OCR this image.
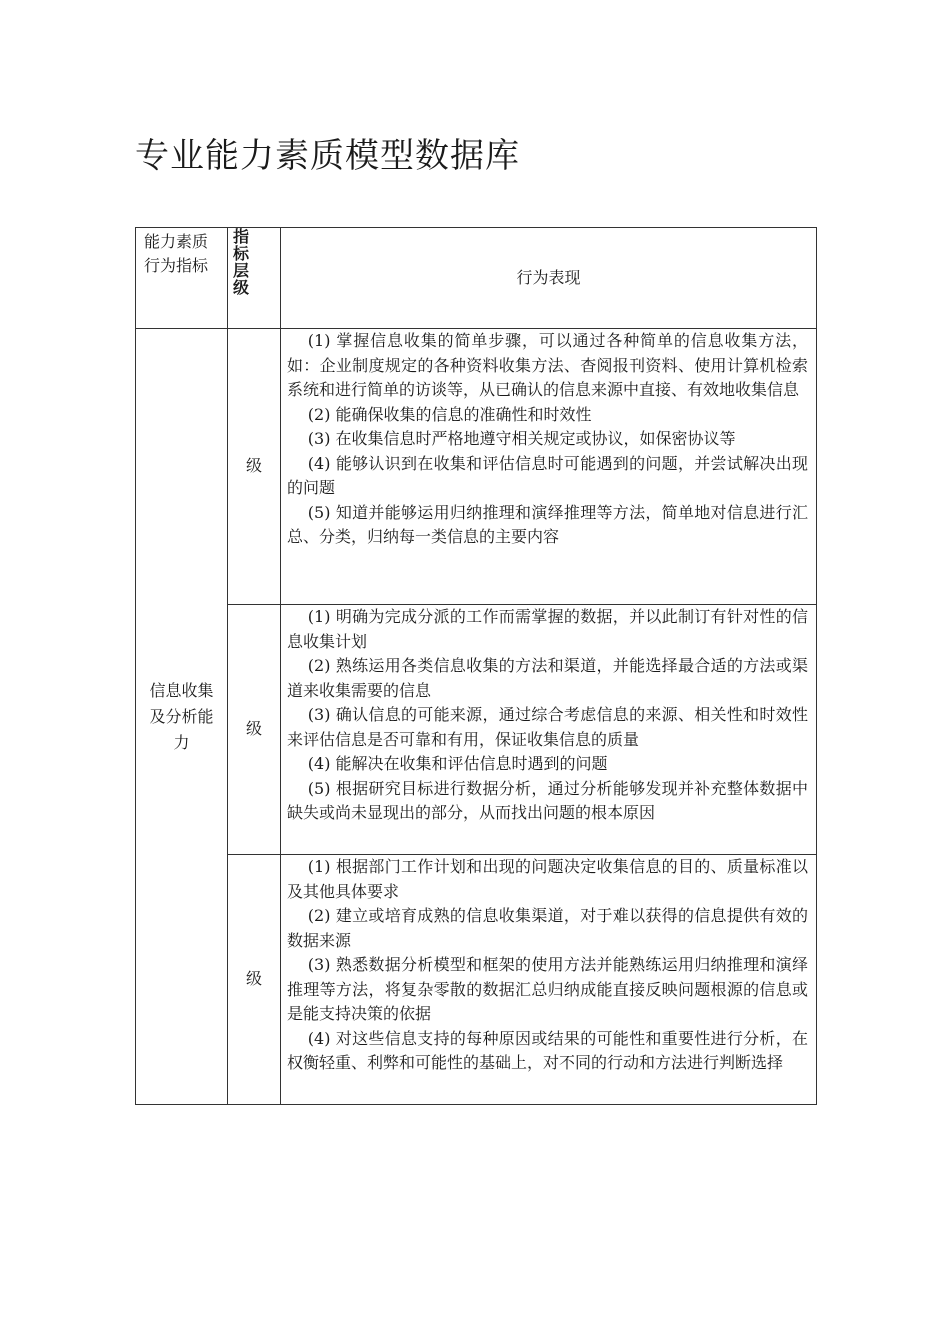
专业能力素质模型数据库
能力素质行为指标	指标层级	行为表现
信息收集及分析能力	级	(1) 掌握信息收集的简单步骤，可以通过各种简单的信息收集方法，如：企业制度规定的各种资料收集方法、杳阅报刊资料、使用计算机检索系统和进行简单的访谈等，从已确认的信息来源中直接、有效地收集信息
(2) 能确保收集的信息的准确性和时效性
(3) 在收集信息时严格地遵守相关规定或协议，如保密协议等
(4) 能够认识到在收集和评估信息时可能遇到的问题，并尝试解决出现的问题
(5) 知道并能够运用归纳推理和演绎推理等方法，简单地对信息进行汇总、分类，归纳每一类信息的主要内容

	级	(1) 明确为完成分派的工作而需掌握的数据，并以此制订有针对性的信息收集计划
(2) 熟练运用各类信息收集的方法和渠道，并能选择最合适的方法或渠道来收集需要的信息
(3) 确认信息的可能来源，通过综合考虑信息的来源、相关性和时效性来评估信息是否可靠和有用，保证收集信息的质量
(4) 能解决在收集和评估信息时遇到的问题
(5) 根据研究目标进行数据分析，通过分析能够发现并补充整体数据中缺失或尚未显现出的部分，从而找出问题的根本原因

	级	(1) 根据部门工作计划和出现的问题决定收集信息的目的、质量标准以及其他具体要求
(2) 建立或培育成熟的信息收集渠道，对于难以获得的信息提供有效的数据来源
(3) 熟悉数据分析模型和框架的使用方法并能熟练运用归纳推理和演绎推理等方法，将复杂零散的数据汇总归纳成能直接反映问题根源的信息或是能支持决策的依据
(4) 对这些信息支持的每种原因或结果的可能性和重要性进行分析，在权衡轻重、利弊和可能性的基础上，对不同的行动和方法进行判断选择
